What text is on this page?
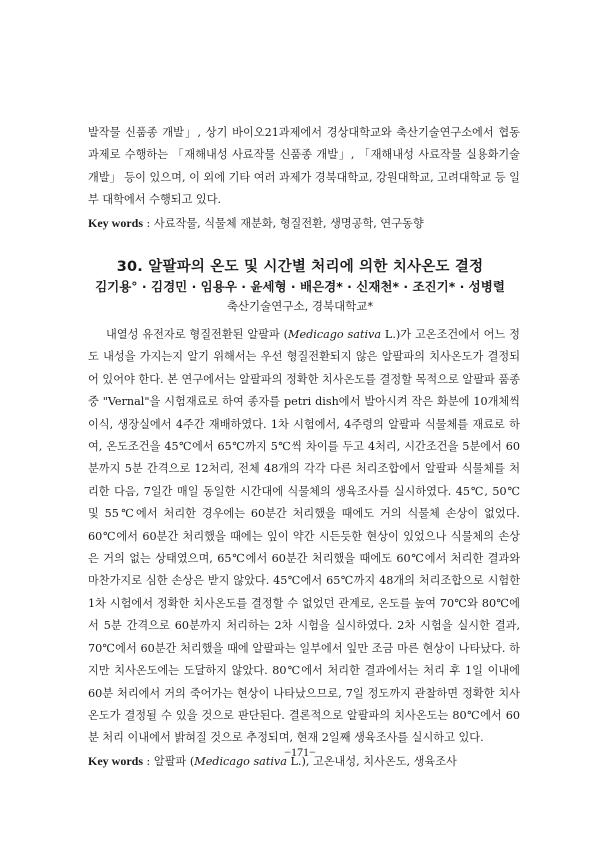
발작물 신품종 개발」, 상기 바이오21과제에서 경상대학교와 축산기술연구소에서 협동과제로 수행하는 「재해내성 사료작물 신품종 개발」, 「재해내성 사료작물 실용화기술 개발」 등이 있으며, 이 외에 기타 여러 과제가 경북대학교, 강원대학교, 고려대학교 등 일부 대학에서 수행되고 있다.

Key words : 사료작물, 식물체 재분화, 형질전환, 생명공학, 연구동향

30. 알팔파의 온도 및 시간별 처리에 의한 치사온도 결정

김기용° · 김경민 · 임용우 · 윤세형 · 배은경* · 신재천* · 조진기* · 성병렬

축산기술연구소, 경북대학교*

내열성 유전자로 형질전환된 알팔파 (Medicago sativa L.)가 고온조건에서 어느 정도 내성을 가지는지 알기 위해서는 우선 형질전환되지 않은 알팔파의 치사온도가 결정되어 있어야 한다. 본 연구에서는 알팔파의 정확한 치사온도를 결정할 목적으로 알팔파 품종 중 "Vernal"을 시험재료로 하여 종자를 petri dish에서 발아시켜 작은 화분에 10개체씩 이식, 생장실에서 4주간 재배하였다. 1차 시험에서, 4주령의 알팔파 식물체를 재료로 하여, 온도조건을 45℃에서 65℃까지 5℃씩 차이를 두고 4처리, 시간조건을 5분에서 60분까지 5분 간격으로 12처리, 전체 48개의 각각 다른 처리조합에서 알팔파 식물체를 처리한 다음, 7일간 매일 동일한 시간대에 식물체의 생육조사를 실시하였다. 45℃, 50℃ 및 55℃에서 처리한 경우에는 60분간 처리했을 때에도 거의 식물체 손상이 없었다. 60℃에서 60분간 처리했을 때에는 잎이 약간 시든듯한 현상이 있었으나 식물체의 손상은 거의 없는 상태였으며, 65℃에서 60분간 처리했을 때에도 60℃에서 처리한 결과와 마찬가지로 심한 손상은 받지 않았다. 45℃에서 65℃까지 48개의 처리조합으로 시험한 1차 시험에서 정확한 치사온도를 결정할 수 없었던 관계로, 온도를 높여 70℃와 80℃에서 5분 간격으로 60분까지 처리하는 2차 시험을 실시하였다. 2차 시험을 실시한 결과, 70℃에서 60분간 처리했을 때에 알팔파는 일부에서 잎만 조금 마른 현상이 나타났다. 하지만 치사온도에는 도달하지 않았다. 80℃에서 처리한 결과에서는 처리 후 1일 이내에 60분 처리에서 거의 죽어가는 현상이 나타났으므로, 7일 정도까지 관찰하면 정확한 치사온도가 결정될 수 있을 것으로 판단된다. 결론적으로 알팔파의 치사온도는 80℃에서 60분 처리 이내에서 밝혀질 것으로 추정되며, 현재 2일째 생육조사를 실시하고 있다.

Key words : 알팔파 (Medicago sativa L.), 고온내성, 치사온도, 생육조사

−171−
